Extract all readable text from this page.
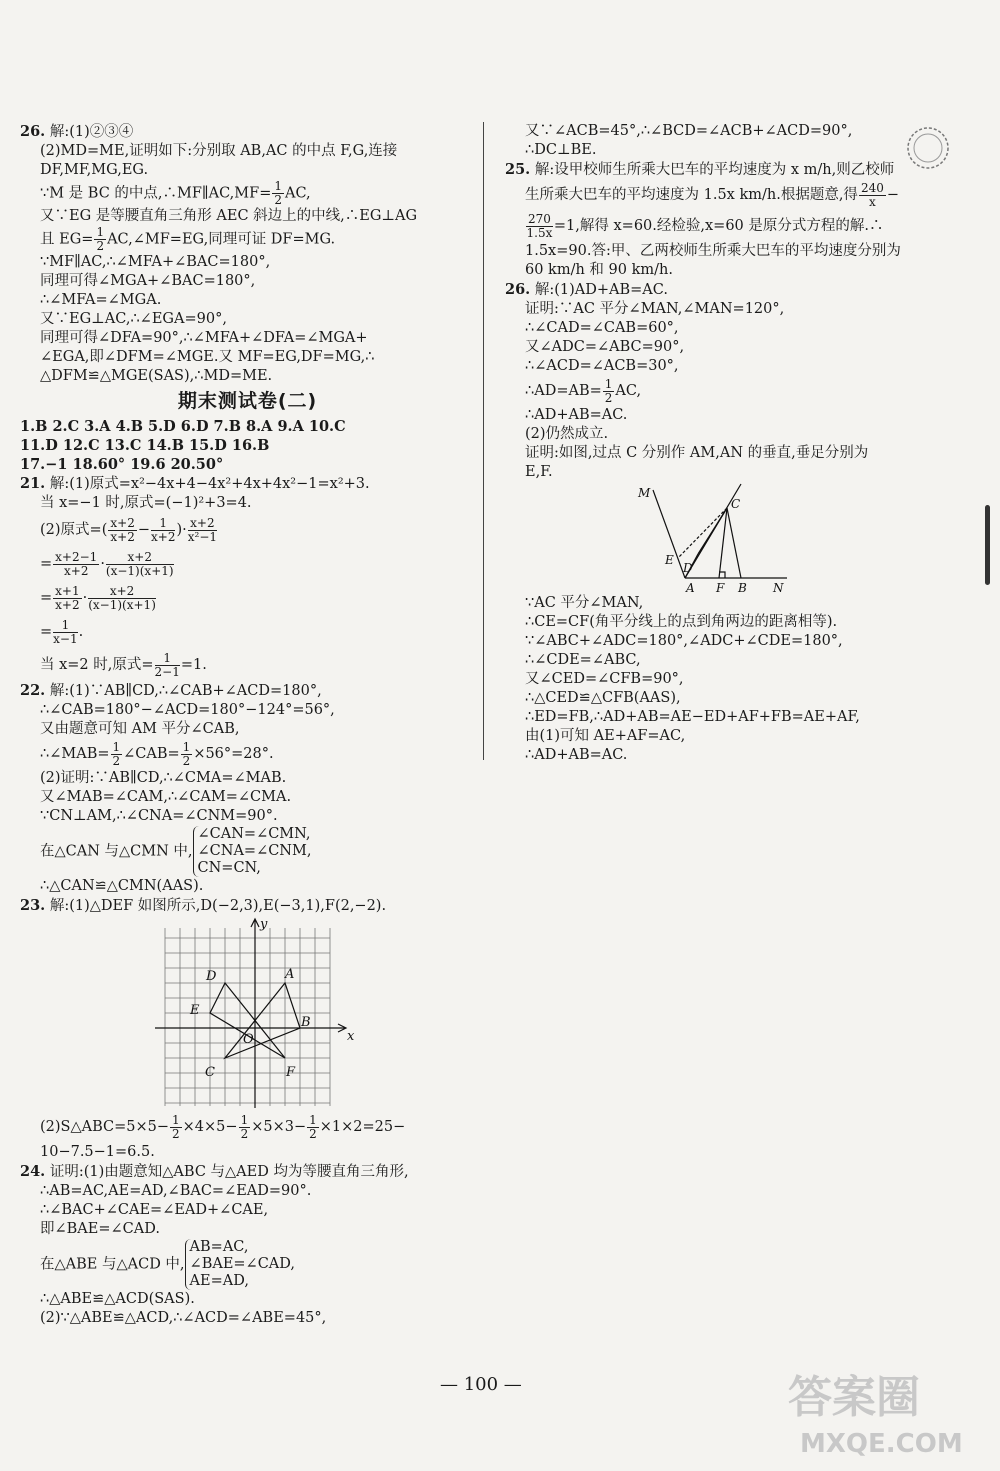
26. 解:(1)②③④
(2)MD=ME,证明如下:分别取 AB,AC 的中点 F,G,连接
DF,MF,MG,EG.
∵M 是 BC 的中点,∴MF∥AC,MF= $\frac{1}{2}$ AC,
又∵EG 是等腰直角三角形 AEC 斜边上的中线,∴EG⊥AG
且 $EG= \frac{1}{2}$ AC,∠MF=EG,同理可证 DF=MG.
∵MF∥AC,∴∠MFA+∠BAC=180°,
同理可得∠MGA+∠BAC=180°,
∴∠MFA=∠MGA.
又∵EG⊥AC,∴∠EGA=90°,
同理可得∠DFA=90°,∴∠MFA+∠DFA=∠MGA+
∠EGA,即∠DFM=∠MGE.又 MF=EG,DF=MG,∴
△DFM≌△MGE(SAS),∴MD=ME.
期末测试卷(二)
1.B 2.C 3.A 4.B 5.D 6.D 7.B 8.A 9.A 10.C
11.D 12.C 13.C 14.B 15.D 16.B
17.−1 18.60° 19.6 20.50°
21. 解:(1)原式=x²−4x+4−4x²+4x+4x²−1=x²+3.
当 x=−1 时,原式=(−1)²+3=4.
(2)原式=( $\frac{x+2}{x+2} - \frac{1}{x+2}$ )· $\frac{x+2}{\text{x²−1}}$
= $\frac{x+2-1}{x+2} \cdot \frac{x+2}{(x-1)(x+1)}$
= $\frac{x+1}{x+2} \cdot \frac{x+2}{(x-1)(x+1)}$
= $\frac{1}{x-1}$ .
当 x=2 时,原式= $\frac{1}{2-1} =1$.
22. 解:(1)∵AB∥CD,∴∠CAB+∠ACD=180°,
∴∠CAB=180°−∠ACD=180°−124°=56°,
又由题意可知 AM 平分∠CAB,
∴∠MAB= $\frac{1}{2}$ ∠CAB= $\frac{1}{2} \times 56^\circ=28^\circ$.
(2)证明:∵AB∥CD,∴∠CMA=∠MAB.
又∠MAB=∠CAM,∴∠CAM=∠CMA.
∵CN⊥AM,∴∠CNA=∠CNM=90°.
在△CAN 与△CMN 中,
∠CAN=∠CMN,
∠CNA=∠CNM,
CN=CN,
∴△CAN≌△CMN(AAS).
23. 解:(1)△DEF 如图所示,D(−2,3),E(−3,1),F(2,−2).
y
x
O
A
B
C
D
E
F
(2)S△ABC=5×5− $\frac{1}{2} \times 4\times 5- \frac{1}{2} \times 5\times 3- \frac{1}{2} \times 1\times 2=25-$
10−7.5−1=6.5.
24. 证明:(1)由题意知△ABC 与△AED 均为等腰直角三角形,
∴AB=AC,AE=AD,∠BAC=∠EAD=90°.
∴∠BAC+∠CAE=∠EAD+∠CAE,
即∠BAE=∠CAD.
在△ABE 与△ACD 中,
AB=AC,
∠BAE=∠CAD,
AE=AD,
∴△ABE≌△ACD(SAS).
(2)∵△ABE≌△ACD,∴∠ACD=∠ABE=45°,
又∵∠ACB=45°,∴∠BCD=∠ACB+∠ACD=90°,
∴DC⊥BE.
25. 解:设甲校师生所乘大巴车的平均速度为 x m/h,则乙校师
生所乘大巴车的平均速度为 1.5x km/h.根据题意,得 $\frac{240}{x}$ −
$\frac{270}{1.5x} =1$,解得 x=60.经检验,x=60 是原分式方程的解.∴
1.5x=90.答:甲、乙两校师生所乘大巴车的平均速度分别为
60 km/h 和 90 km/h.
26. 解:(1)AD+AB=AC.
证明:∵AC 平分∠MAN,∠MAN=120°,
∴∠CAD=∠CAB=60°,
又∠ADC=∠ABC=90°,
∴∠ACD=∠ACB=30°,
∴AD=AB= $\frac{1}{2}$ AC,
∴AD+AB=AC.
(2)仍然成立.
证明:如图,过点 C 分别作 AM,AN 的垂直,垂足分别为
E,F.
M
C
E
D
A F B N
∵AC 平分∠MAN,
∴CE=CF(角平分线上的点到角两边的距离相等).
∵∠ABC+∠ADC=180°,∠ADC+∠CDE=180°,
∴∠CDE=∠ABC,
又∠CED=∠CFB=90°,
∴△CED≌△CFB(AAS),
∴ED=FB,∴AD+AB=AE−ED+AF+FB=AE+AF,
由(1)可知 AE+AF=AC,
∴AD+AB=AC.
— 100 —	答案圈
MXQE.COM
